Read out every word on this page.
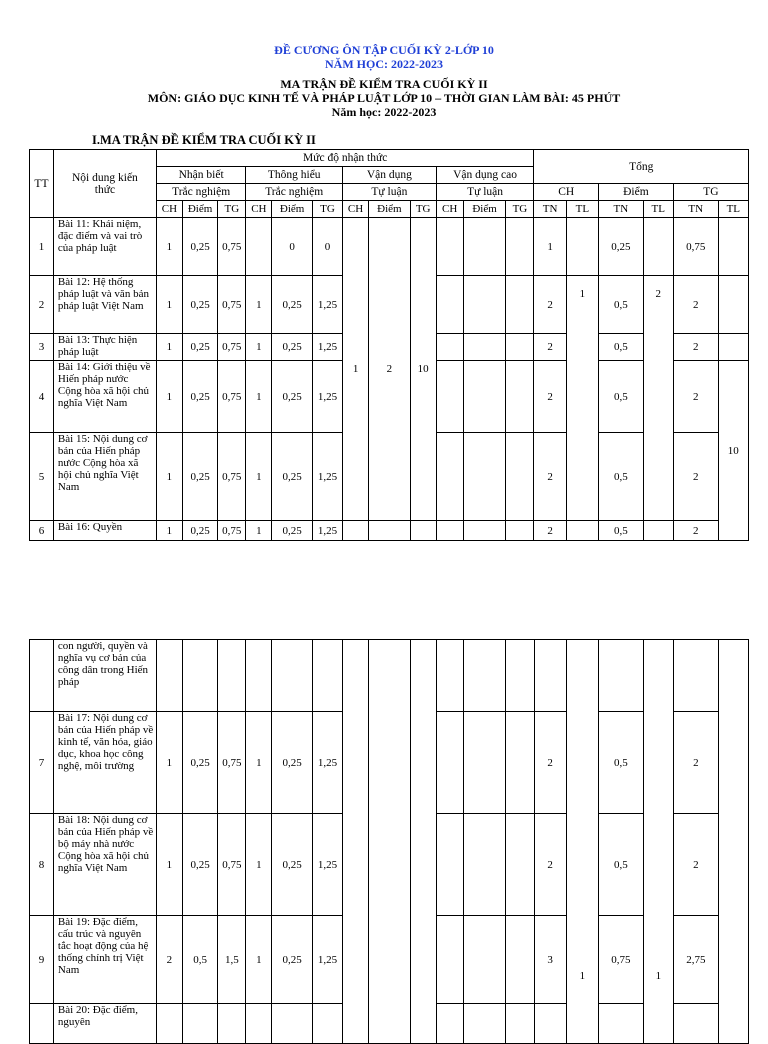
ĐỀ CƯƠNG ÔN TẬP CUỐI KỲ 2-LỚP 10
NĂM HỌC: 2022-2023
MA TRẬN ĐỀ KIỂM TRA CUỐI KỲ II
MÔN: GIÁO DỤC KINH TẾ VÀ PHÁP LUẬT LỚP 10 – THỜI GIAN LÀM BÀI: 45 PHÚT
Năm học: 2022-2023
I.MA TRẬN ĐỀ KIỂM TRA CUỐI KỲ II
TT	Nội dung kiến thức	Mức độ nhận thức												Tổng					
		Nhận biết			Thông hiểu			Vận dụng			Vận dụng cao								
		Trắc nghiệm			Trắc nghiệm			Tự luận			Tự luận			CH		Điểm		TG	
		CH	Điểm	TG	CH	Điểm	TG	CH	Điểm	TG	CH	Điểm	TG	TN	TL	TN	TL	TN	TL
1	Bài 11: Khái niệm, đặc điểm và vai trò của pháp luật	1	0,25	0,75		0	0	1	2	10				1		0,25		0,75	
2	Bài 12: Hệ thống pháp luật và văn bản pháp luật Việt Nam	1	0,25	0,75	1	0,25	1,25							2	1	0,5	2	2	
3	Bài 13: Thực hiện pháp luật	1	0,25	0,75	1	0,25	1,25							2		0,5		2	
4	Bài 14: Giới thiệu về Hiến pháp nước Cộng hòa xã hội chủ nghĩa Việt Nam	1	0,25	0,75	1	0,25	1,25							2		0,5		2	10
5	Bài 15: Nội dung cơ bản của Hiến pháp nước Cộng hòa xã hội chủ nghĩa Việt Nam	1	0,25	0,75	1	0,25	1,25							2		0,5		2	
6	Bài 16: Quyền	1	0,25	0,75	1	0,25	1,25							2		0,5		2	
	con người, quyền và nghĩa vụ cơ bản của công dân trong Hiến pháp														1		1		
7	Bài 17: Nội dung cơ bản của Hiến pháp về kinh tế, văn hóa, giáo dục, khoa học công nghệ, môi trường	1	0,25	0,75	1	0,25	1,25							2		0,5		2	
8	Bài 18: Nội dung cơ bản của Hiến pháp về bộ máy nhà nước Cộng hòa xã hội chủ nghĩa Việt Nam	1	0,25	0,75	1	0,25	1,25							2		0,5		2	
9	Bài 19: Đặc điểm, cấu trúc và nguyên tắc hoạt động của hệ thống chính trị Việt Nam	2	0,5	1,5	1	0,25	1,25							3		0,75		2,75	
	Bài 20: Đặc điểm, nguyên																		
